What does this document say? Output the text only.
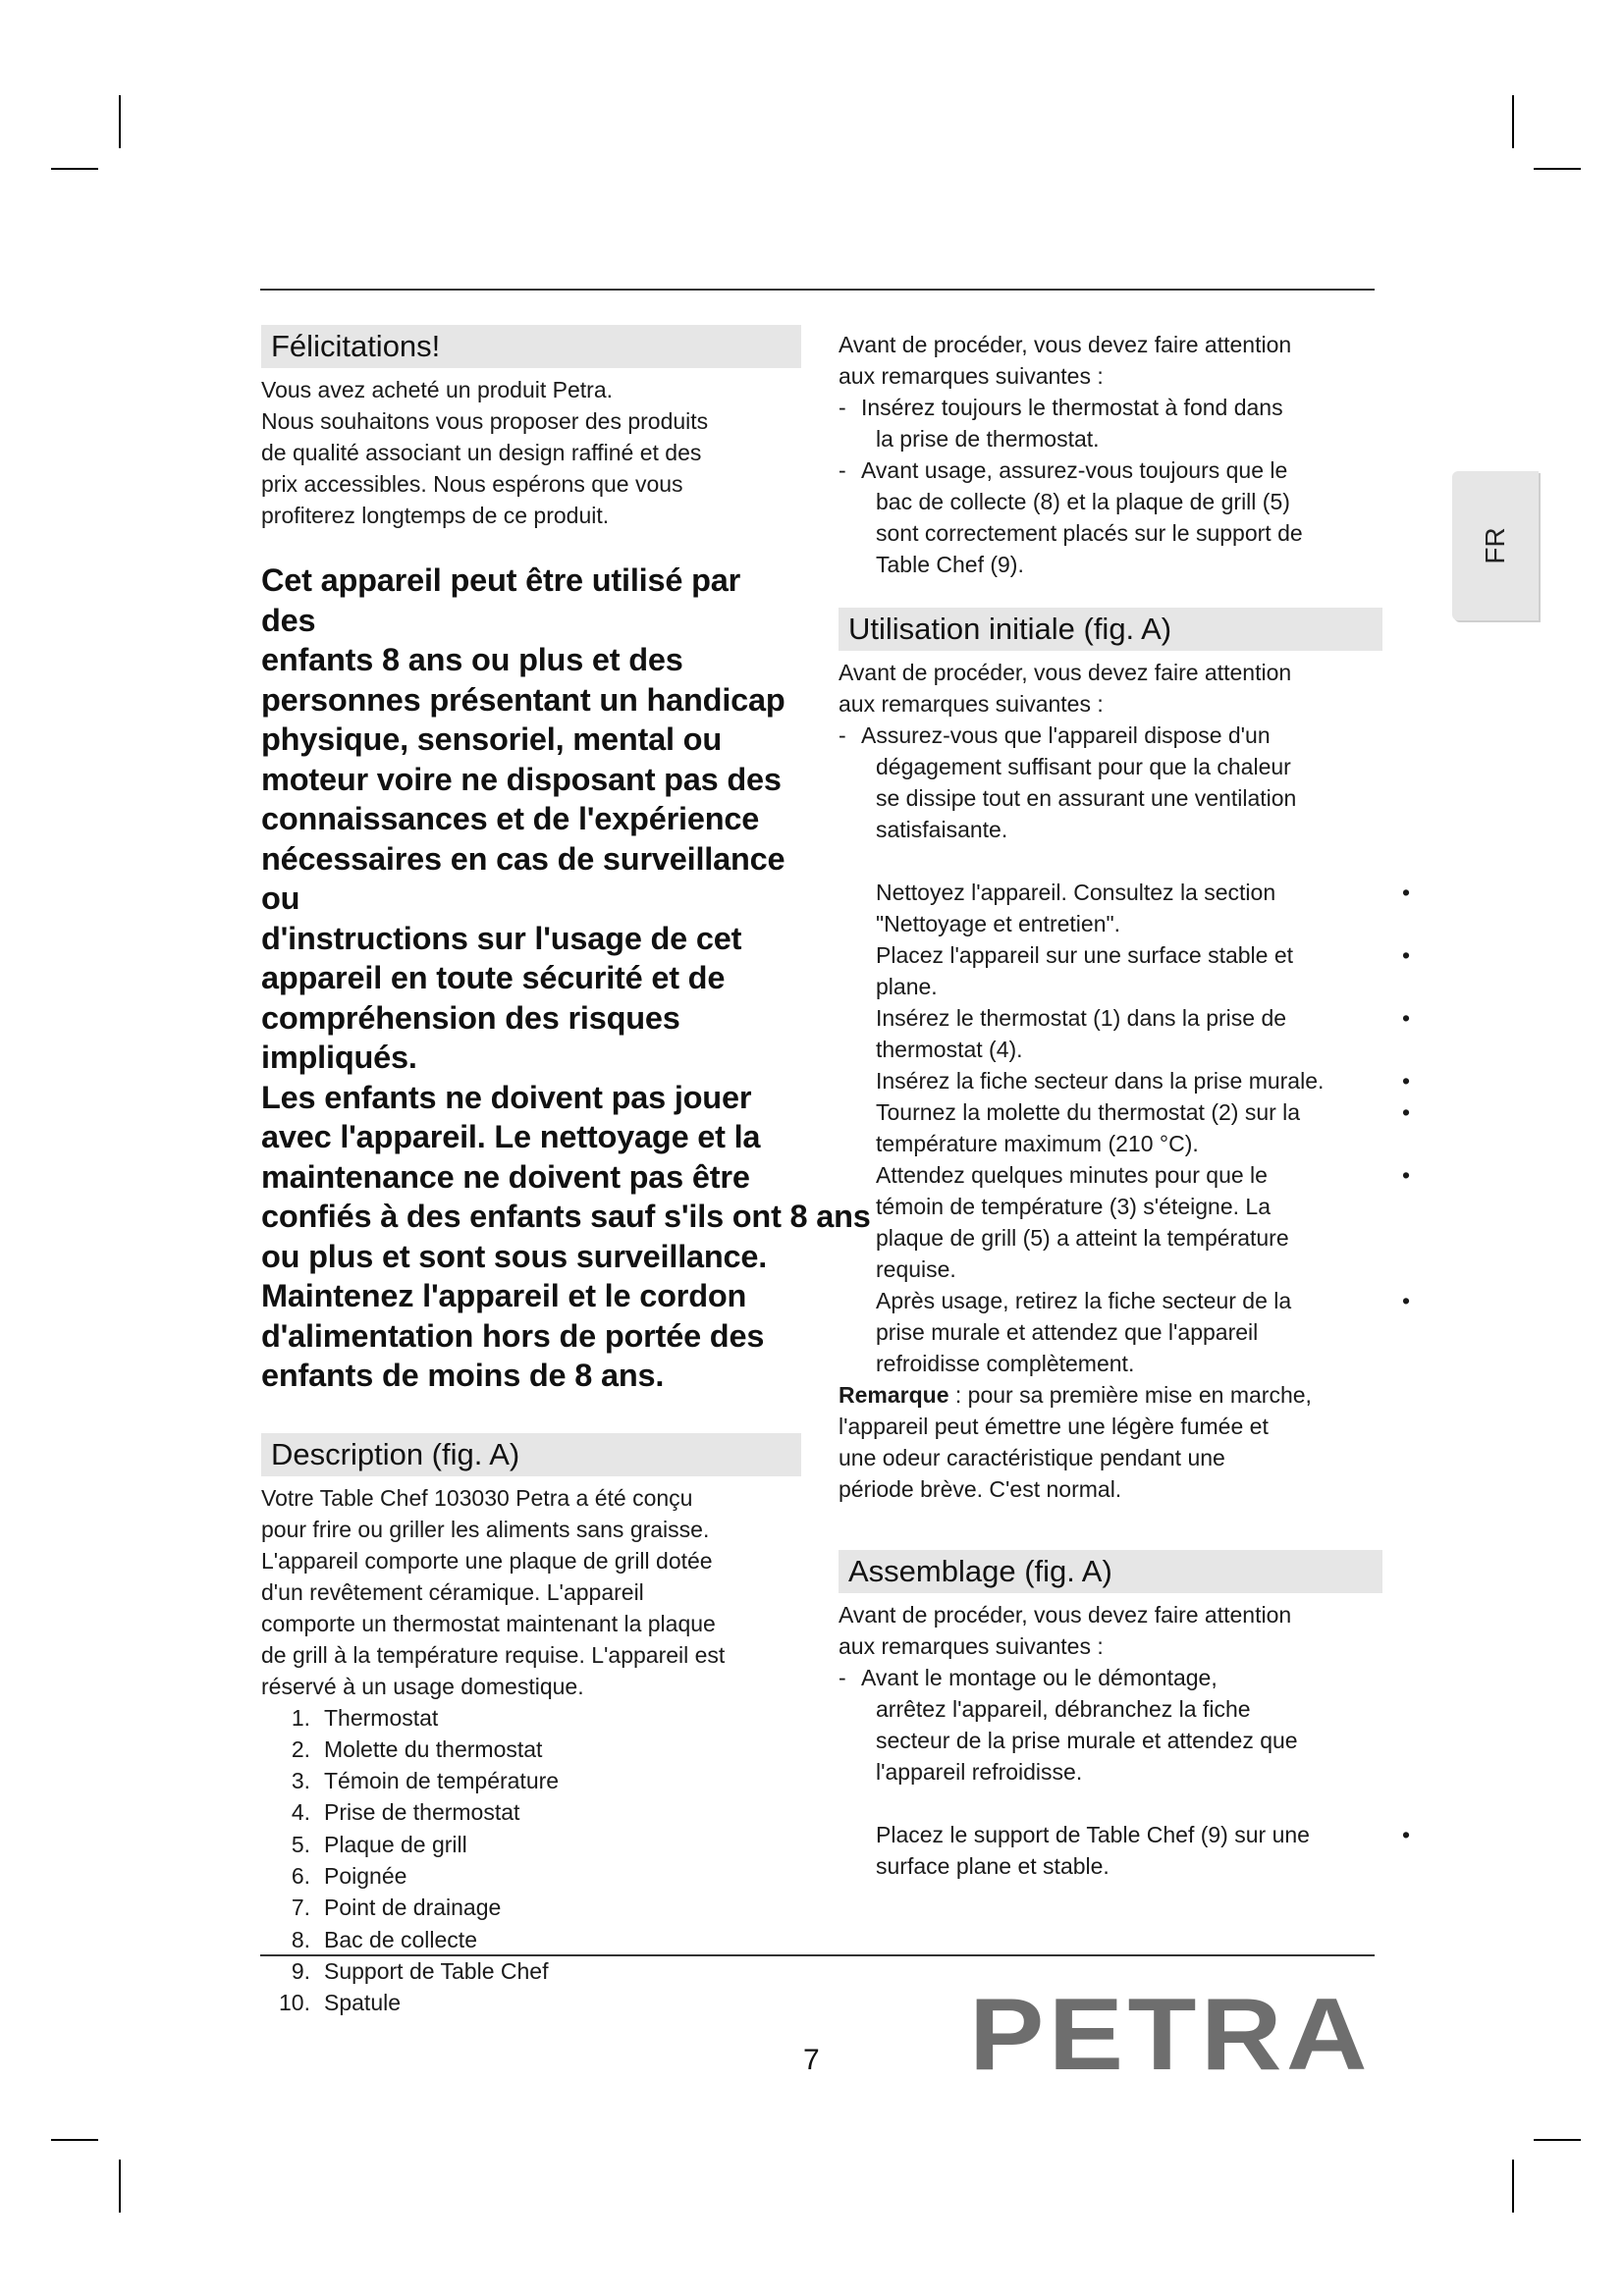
FR
Félicitations!

Vous avez acheté un produit Petra.

Nous souhaitons vous proposer des produits

de qualité associant un design raffiné et des

prix accessibles. Nous espérons que vous

profiterez longtemps de ce produit.

Cet appareil peut être utilisé par des
enfants 8 ans ou plus et des
personnes présentant un handicap
physique, sensoriel, mental ou
moteur voire ne disposant pas des
connaissances et de l'expérience
nécessaires en cas de surveillance ou
d'instructions sur l'usage de cet
appareil en toute sécurité et de
compréhension des risques impliqués.
Les enfants ne doivent pas jouer
avec l'appareil. Le nettoyage et la
maintenance ne doivent pas être
confiés à des enfants sauf s'ils ont 8 ans
ou plus et sont sous surveillance.
Maintenez l'appareil et le cordon
d'alimentation hors de portée des
enfants de moins de 8 ans.
Description (fig. A)

Votre Table Chef 103030 Petra a été conçu

pour frire ou griller les aliments sans graisse.

L'appareil comporte une plaque de grill dotée

d'un revêtement céramique. L'appareil

comporte un thermostat maintenant la plaque

de grill à la température requise. L'appareil est

réservé à un usage domestique.

1. Thermostat
2. Molette du thermostat
3. Témoin de température
4. Prise de thermostat
5. Plaque de grill
6. Poignée
7. Point de drainage
8. Bac de collecte
9. Support de Table Chef
10. Spatule

Avant de procéder, vous devez faire attention

aux remarques suivantes :

- Insérez toujours le thermostat à fond dans
la prise de thermostat.
- Avant usage, assurez-vous toujours que le
bac de collecte (8) et la plaque de grill (5)
sont correctement placés sur le support de
Table Chef (9).
Utilisation initiale (fig. A)

Avant de procéder, vous devez faire attention

aux remarques suivantes :

- Assurez-vous que l'appareil dispose d'un
dégagement suffisant pour que la chaleur
se dissipe tout en assurant une ventilation
satisfaisante.
•
Nettoyez l'appareil. Consultez la section
"Nettoyage et entretien".
•
Placez l'appareil sur une surface stable et
plane.
•
Insérez le thermostat (1) dans la prise de
thermostat (4).
•
Insérez la fiche secteur dans la prise murale.
•
Tournez la molette du thermostat (2) sur la
température maximum (210 °C).
•
Attendez quelques minutes pour que le
témoin de température (3) s'éteigne. La
plaque de grill (5) a atteint la température
requise.
•
Après usage, retirez la fiche secteur de la
prise murale et attendez que l'appareil
refroidisse complètement.

Remarque : pour sa première mise en marche,

l'appareil peut émettre une légère fumée et

une odeur caractéristique pendant une

période brève. C'est normal.

Assemblage (fig. A)

Avant de procéder, vous devez faire attention

aux remarques suivantes :

- Avant le montage ou le démontage,
arrêtez l'appareil, débranchez la fiche
secteur de la prise murale et attendez que
l'appareil refroidisse.
•
Placez le support de Table Chef (9) sur une
surface plane et stable.
7 PETRA
